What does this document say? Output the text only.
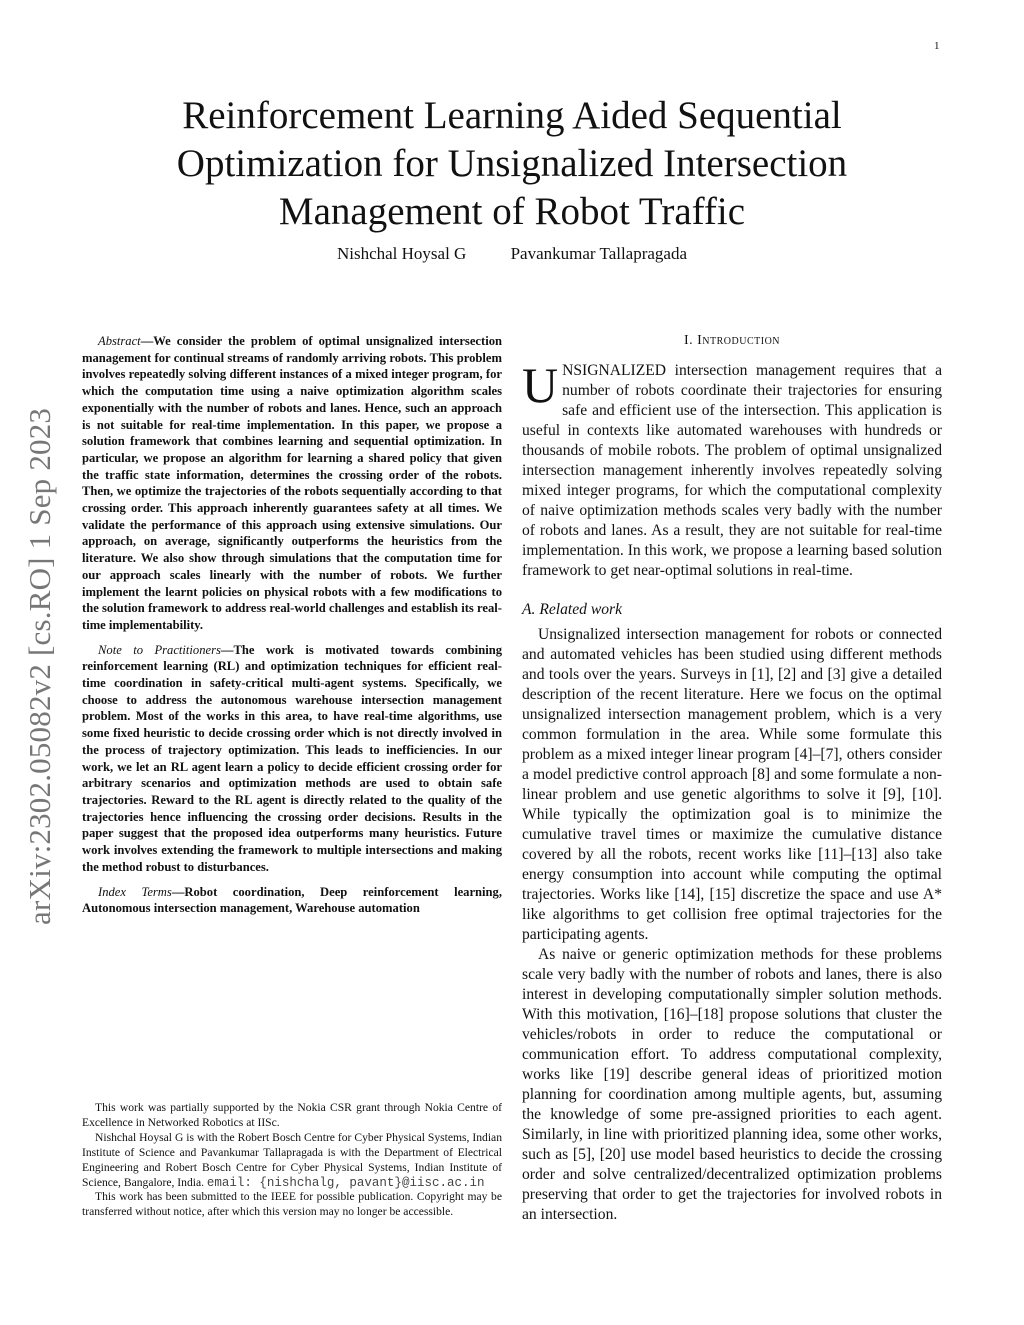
1
arXiv:2302.05082v2 [cs.RO] 1 Sep 2023
Reinforcement Learning Aided Sequential Optimization for Unsignalized Intersection Management of Robot Traffic
Nishchal Hoysal G	Pavankumar Tallapragada

Abstract—We consider the problem of optimal unsignalized intersection management for continual streams of randomly arriving robots. This problem involves repeatedly solving different instances of a mixed integer program, for which the computation time using a naive optimization algorithm scales exponentially with the number of robots and lanes. Hence, such an approach is not suitable for real-time implementation. In this paper, we propose a solution framework that combines learning and sequential optimization. In particular, we propose an algorithm for learning a shared policy that given the traffic state information, determines the crossing order of the robots. Then, we optimize the trajectories of the robots sequentially according to that crossing order. This approach inherently guarantees safety at all times. We validate the performance of this approach using extensive simulations. Our approach, on average, significantly outperforms the heuristics from the literature. We also show through simulations that the computation time for our approach scales linearly with the number of robots. We further implement the learnt policies on physical robots with a few modifications to the solution framework to address real-world challenges and establish its real-time implementability.

Note to Practitioners—The work is motivated towards combining reinforcement learning (RL) and optimization techniques for efficient real-time coordination in safety-critical multi-agent systems. Specifically, we choose to address the autonomous warehouse intersection management problem. Most of the works in this area, to have real-time algorithms, use some fixed heuristic to decide crossing order which is not directly involved in the process of trajectory optimization. This leads to inefficiencies. In our work, we let an RL agent learn a policy to decide efficient crossing order for arbitrary scenarios and optimization methods are used to obtain safe trajectories. Reward to the RL agent is directly related to the quality of the trajectories hence influencing the crossing order decisions. Results in the paper suggest that the proposed idea outperforms many heuristics. Future work involves extending the framework to multiple intersections and making the method robust to disturbances.

Index Terms—Robot coordination, Deep reinforcement learning, Autonomous intersection management, Warehouse automation

This work was partially supported by the Nokia CSR grant through Nokia Centre of Excellence in Networked Robotics at IISc.

Nishchal Hoysal G is with the Robert Bosch Centre for Cyber Physical Systems, Indian Institute of Science and Pavankumar Tallapragada is with the Department of Electrical Engineering and Robert Bosch Centre for Cyber Physical Systems, Indian Institute of Science, Bangalore, India. email: {nishchalg, pavant}@iisc.ac.in

This work has been submitted to the IEEE for possible publication. Copyright may be transferred without notice, after which this version may no longer be accessible.

I. Introduction

UNSIGNALIZED intersection management requires that a number of robots coordinate their trajectories for ensuring safe and efficient use of the intersection. This application is useful in contexts like automated warehouses with hundreds or thousands of mobile robots. The problem of optimal unsignalized intersection management inherently involves repeatedly solving mixed integer programs, for which the computational complexity of naive optimization methods scales very badly with the number of robots and lanes. As a result, they are not suitable for real-time implementation. In this work, we propose a learning based solution framework to get near-optimal solutions in real-time.

A. Related work

Unsignalized intersection management for robots or connected and automated vehicles has been studied using different methods and tools over the years. Surveys in [1], [2] and [3] give a detailed description of the recent literature. Here we focus on the optimal unsignalized intersection management problem, which is a very common formulation in the area. While some formulate this problem as a mixed integer linear program [4]–[7], others consider a model predictive control approach [8] and some formulate a non-linear problem and use genetic algorithms to solve it [9], [10]. While typically the optimization goal is to minimize the cumulative travel times or maximize the cumulative distance covered by all the robots, recent works like [11]–[13] also take energy consumption into account while computing the optimal trajectories. Works like [14], [15] discretize the space and use A* like algorithms to get collision free optimal trajectories for the participating agents.

As naive or generic optimization methods for these problems scale very badly with the number of robots and lanes, there is also interest in developing computationally simpler solution methods. With this motivation, [16]–[18] propose solutions that cluster the vehicles/robots in order to reduce the computational or communication effort. To address computational complexity, works like [19] describe general ideas of prioritized motion planning for coordination among multiple agents, but, assuming the knowledge of some pre-assigned priorities to each agent. Similarly, in line with prioritized planning idea, some other works, such as [5], [20] use model based heuristics to decide the crossing order and solve centralized/decentralized optimization problems preserving that order to get the trajectories for involved robots in an intersection.
